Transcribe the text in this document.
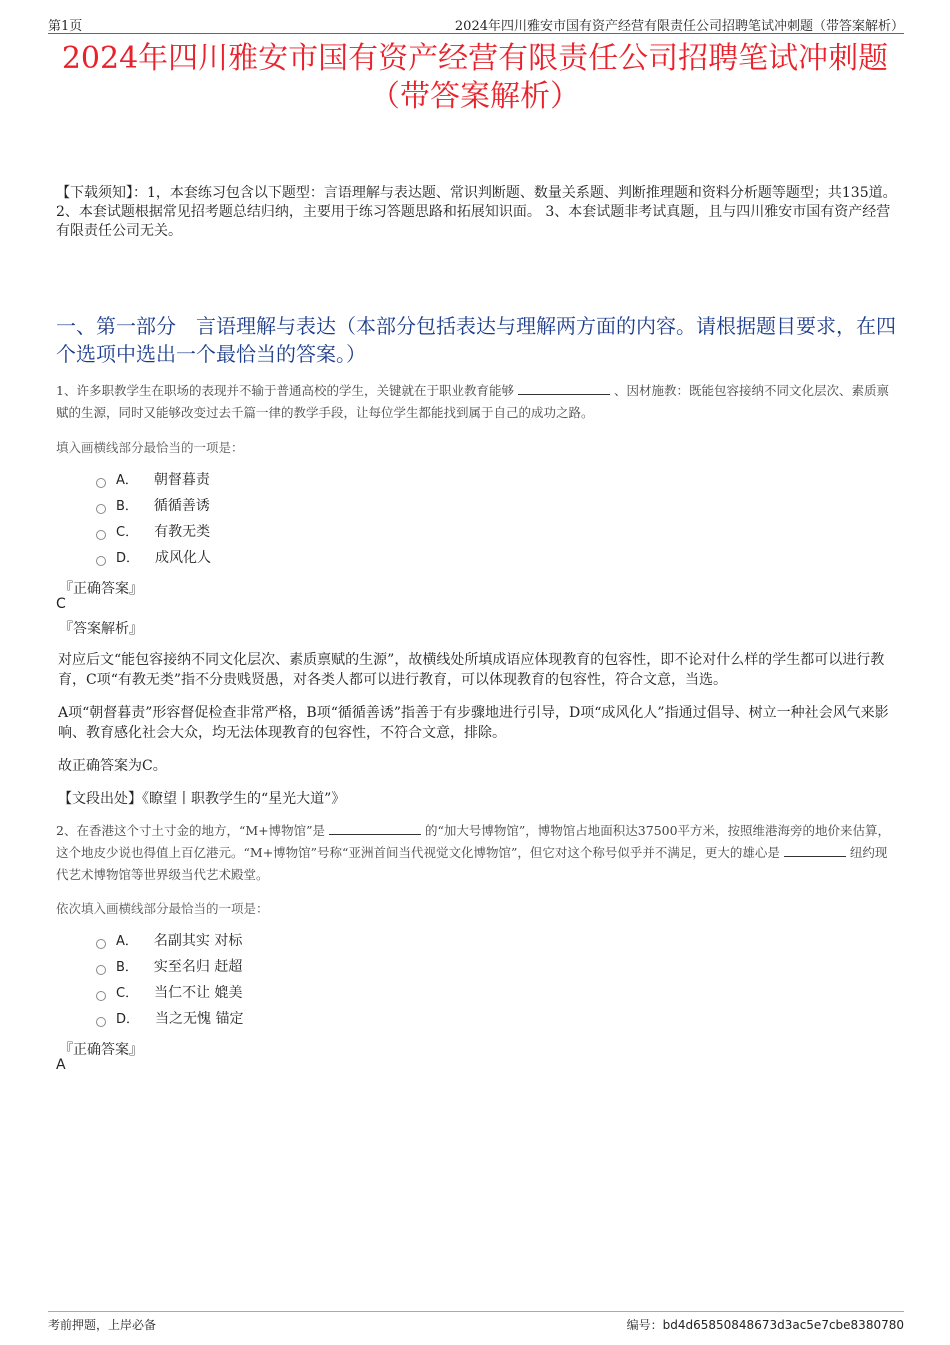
第1页	2024年四川雅安市国有资产经营有限责任公司招聘笔试冲刺题（带答案解析）
2024年四川雅安市国有资产经营有限责任公司招聘笔试冲刺题
（带答案解析）
【下载须知】：1，本套练习包含以下题型：言语理解与表达题、常识判断题、数量关系题、判断推理题和资料分析题等题型；共135道。 2、本套试题根据常见招考题总结归纳，主要用于练习答题思路和拓展知识面。 3、本套试题非考试真题，且与四川雅安市国有资产经营有限责任公司无关。
一、第一部分　言语理解与表达（本部分包括表达与理解两方面的内容。请根据题目要求，在四个选项中选出一个最恰当的答案。）
1、许多职教学生在职场的表现并不输于普通高校的学生，关键就在于职业教育能够	、因材施教：既能包容接纳不同文化层次、素质禀赋的生源，同时又能够改变过去千篇一律的教学手段，让每位学生都能找到属于自己的成功之路。
填入画横线部分最恰当的一项是：
A． 朝督暮责
B． 循循善诱
C． 有教无类
D． 成风化人
『正确答案』
C
『答案解析』
对应后文“能包容接纳不同文化层次、素质禀赋的生源”，故横线处所填成语应体现教育的包容性，即不论对什么样的学生都可以进行教育，C项“有教无类”指不分贵贱贤愚，对各类人都可以进行教育，可以体现教育的包容性，符合文意，当选。
A项“朝督暮责”形容督促检查非常严格，B项“循循善诱”指善于有步骤地进行引导，D项“成风化人”指通过倡导、树立一种社会风气来影响、教育感化社会大众，均无法体现教育的包容性，不符合文意，排除。
故正确答案为C。
【文段出处】《瞭望丨职教学生的“星光大道”》
2、在香港这个寸土寸金的地方，“M+博物馆”是	的“加大号博物馆”，博物馆占地面积达37500平方米，按照维港海旁的地价来估算，这个地皮少说也得值上百亿港元。“M+博物馆”号称“亚洲首间当代视觉文化博物馆”，但它对这个称号似乎并不满足，更大的雄心是	纽约现代艺术博物馆等世界级当代艺术殿堂。
依次填入画横线部分最恰当的一项是：
A． 名副其实 对标
B． 实至名归 赶超
C． 当仁不让 媲美
D． 当之无愧 锚定
『正确答案』
A
考前押题，上岸必备	编号：bd4d65850848673d3ac5e7cbe8380780
